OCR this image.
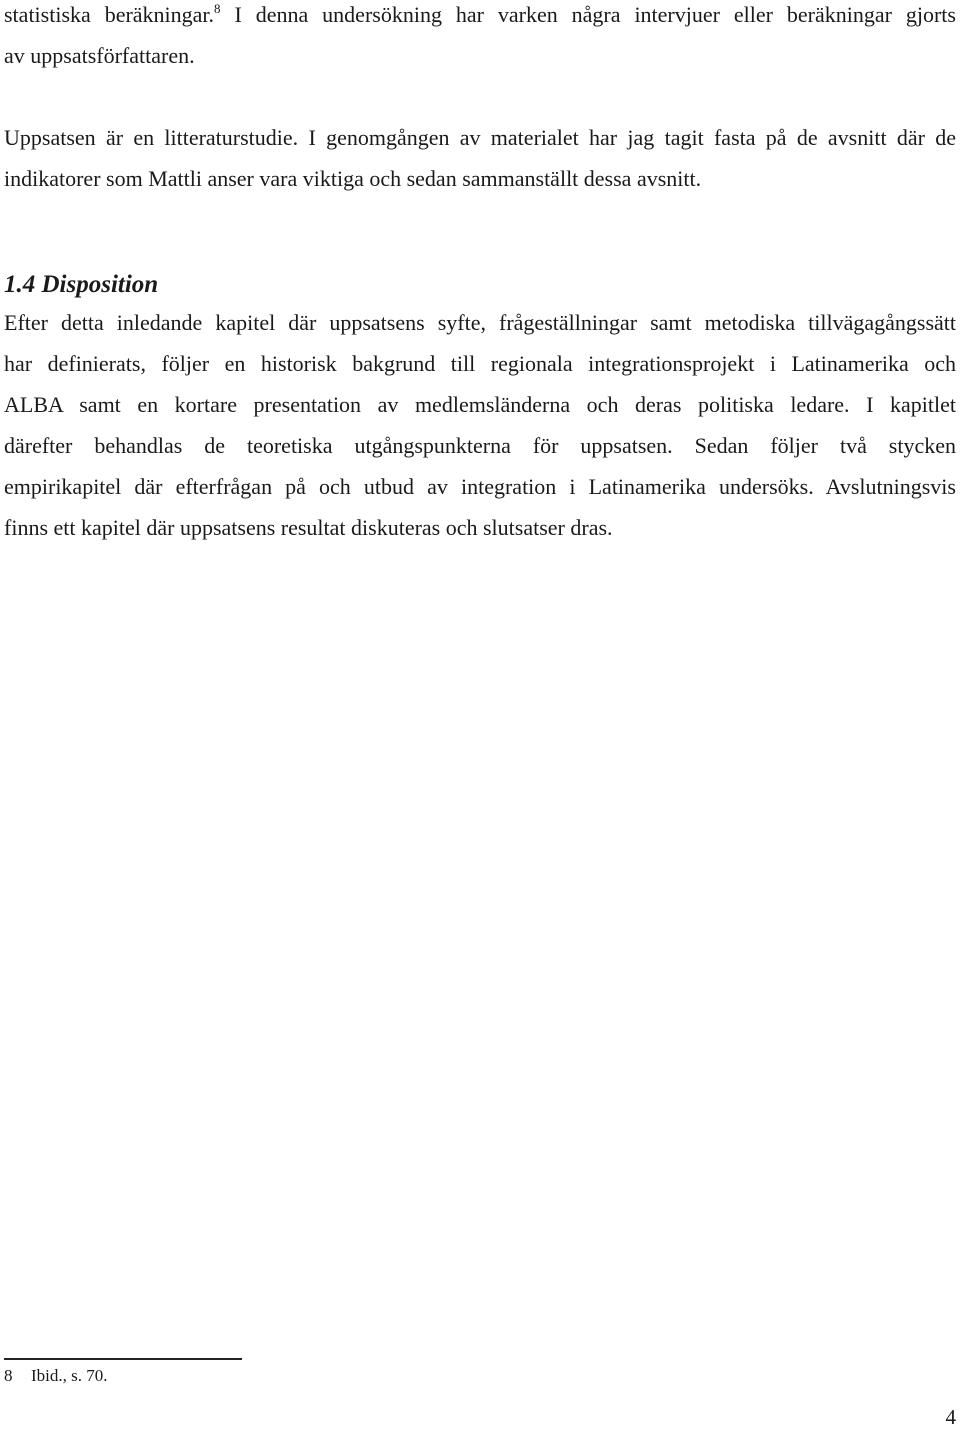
statistiska beräkningar.$^8$ I denna undersökning har varken några intervjuer eller beräkningar gjorts
av uppsatsförfattaren.
Uppsatsen är en litteraturstudie. I genomgången av materialet har jag tagit fasta på de avsnitt där de
indikatorer som Mattli anser vara viktiga och sedan sammanställt dessa avsnitt.
1.4 Disposition
Efter detta inledande kapitel där uppsatsens syfte, frågeställningar samt metodiska tillvägagångssätt
har definierats, följer en historisk bakgrund till regionala integrationsprojekt i Latinamerika och
ALBA samt en kortare presentation av medlemsländerna och deras politiska ledare. I kapitlet
därefter behandlas de teoretiska utgångspunkterna för uppsatsen. Sedan följer två stycken
empirikapitel där efterfrågan på och utbud av integration i Latinamerika undersöks. Avslutningsvis
finns ett kapitel där uppsatsens resultat diskuteras och slutsatser dras.
8 Ibid., s. 70.
4
